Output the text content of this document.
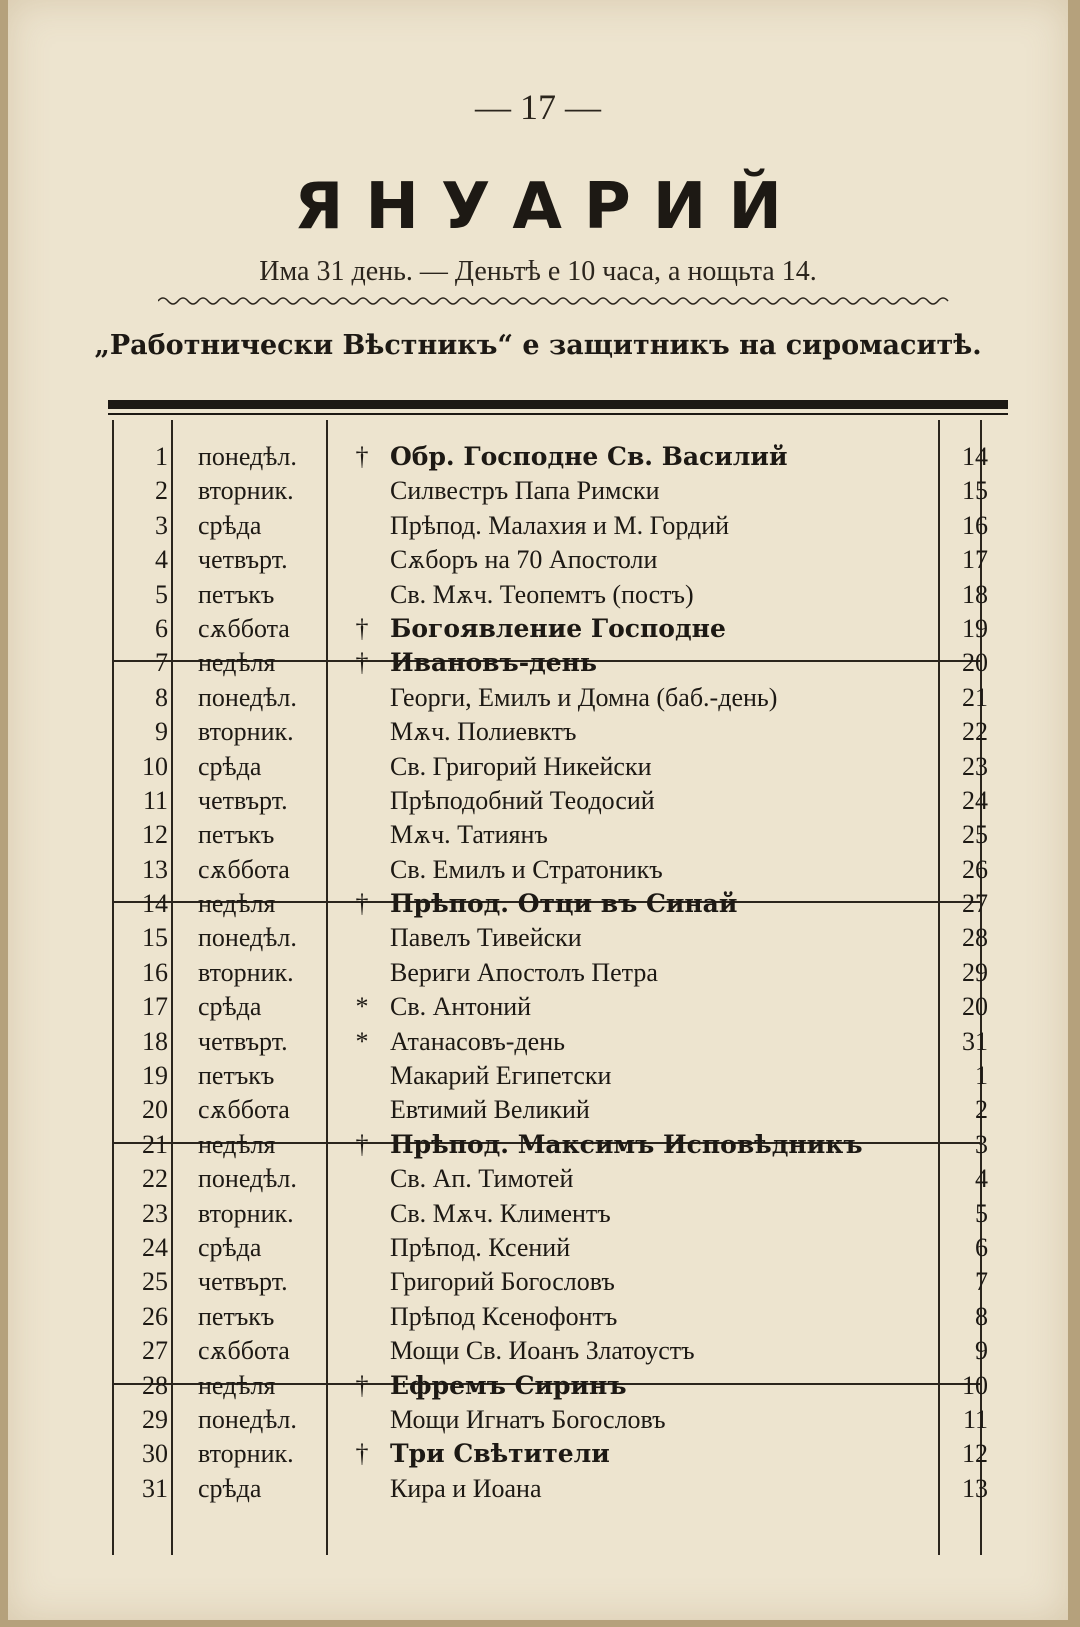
— 17 —
ЯНУАРИЙ
Има 31 день. — Деньтѣ е 10 часа, а нощьта 14.
„Работнически Вѣстникъ“ е защитникъ на сиромаситѣ.
1 понедѣл.	† Обр. Господне Св. Василий	14
2 вторник.	Силвестръ Папа Римски	15
3 срѣда	Прѣпод. Малахия и М. Гордий	16
4 четвърт.	Сѫборъ на 70 Апостоли	17
5 петъкъ	Св. Мѫч. Теопемтъ (постъ)	18
6 сѫббота	† Богоявление Господне	19
7 недѣля	† Ивановъ-день	20
8 понедѣл.	Георги, Емилъ и Домна (баб.-день)	21
9 вторник.	Мѫч. Полиевктъ	22
10 срѣда	Св. Григорий Никейски	23
11 четвърт.	Прѣподобний Теодосий	24
12 петъкъ	Мѫч. Татиянъ	25
13 сѫббота	Св. Емилъ и Стратоникъ	26
14 недѣля	† Прѣпод. Отци въ Синай	27
15 понедѣл.	Павелъ Тивейски	28
16 вторник.	Вериги Апостолъ Петра	29
17 срѣда	* Св. Антоний	20
18 четвърт.	* Атанасовъ-день	31
19 петъкъ	Макарий Египетски	1
20 сѫббота	Евтимий Великий	2
21 недѣля	† Прѣпод. Максимъ Исповѣдникъ	3
22 понедѣл.	Св. Ап. Тимотей	4
23 вторник.	Св. Мѫч. Климентъ	5
24 срѣда	Прѣпод. Ксений	6
25 четвърт.	Григорий Богословъ	7
26 петъкъ	Прѣпод Ксенофонтъ	8
27 сѫббота	Мощи Св. Иоанъ Златоустъ	9
28 недѣля	† Ефремъ Сиринъ	10
29 понедѣл.	Мощи Игнатъ Богословъ	11
30 вторник.	† Три Свѣтители	12
31 срѣда	Кира и Иоана	13
